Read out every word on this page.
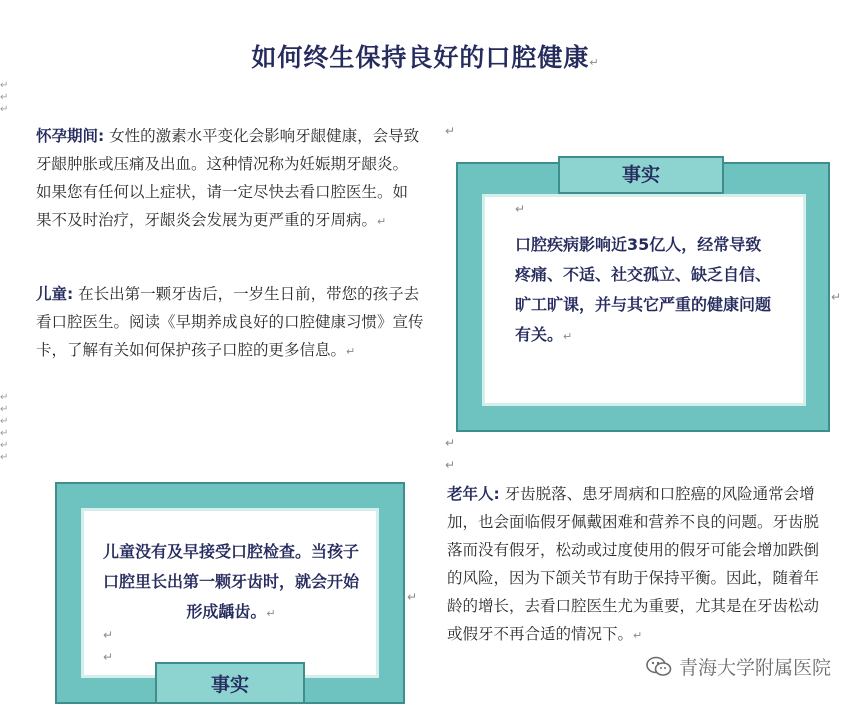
如何终生保持良好的口腔健康↵
↵
↵
↵
↵
↵
↵
↵
↵
↵
怀孕期间: 女性的激素水平变化会影响牙龈健康，会导致牙龈肿胀或压痛及出血。这种情况称为妊娠期牙龈炎。如果您有任何以上症状，请一定尽快去看口腔医生。如果不及时治疗，牙龈炎会发展为更严重的牙周病。↵
儿童: 在长出第一颗牙齿后，一岁生日前，带您的孩子去看口腔医生。阅读《早期养成良好的口腔健康习惯》宣传卡，了解有关如何保护孩子口腔的更多信息。↵
↵
↵
↵
↵
事实
口腔疾病影响近35亿人，经常导致疼痛、不适、社交孤立、缺乏自信、旷工旷课，并与其它严重的健康问题有关。↵
↵
事实
儿童没有及早接受口腔检查。当孩子口腔里长出第一颗牙齿时，就会开始形成龋齿。↵
↵
↵
↵
老年人: 牙齿脱落、患牙周病和口腔癌的风险通常会增加，也会面临假牙佩戴困难和营养不良的问题。牙齿脱落而没有假牙，松动或过度使用的假牙可能会增加跌倒的风险，因为下颌关节有助于保持平衡。因此，随着年龄的增长，去看口腔医生尤为重要，尤其是在牙齿松动或假牙不再合适的情况下。↵
青海大学附属医院
